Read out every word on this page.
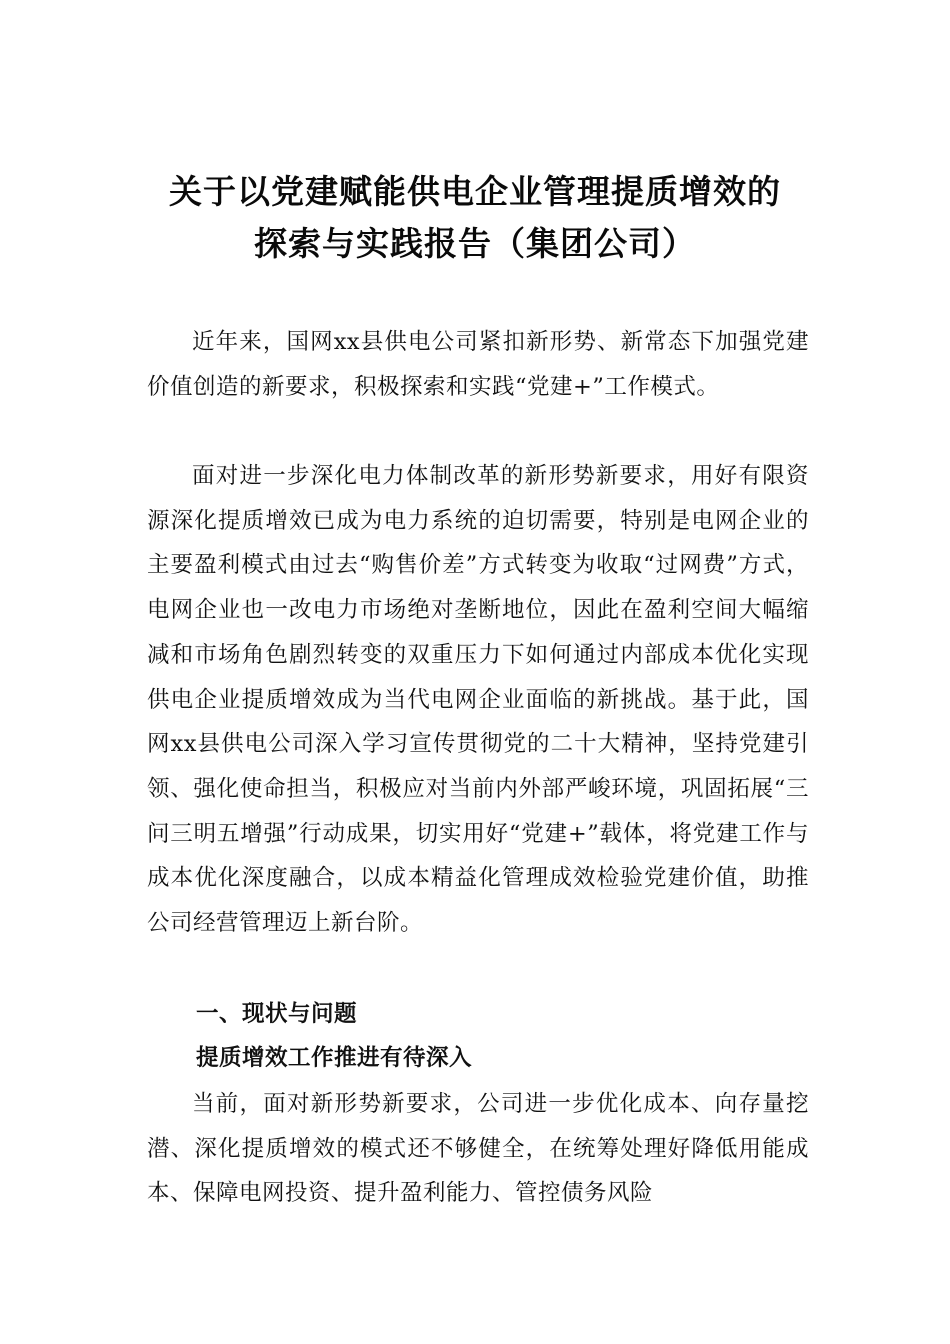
关于以党建赋能供电企业管理提质增效的
探索与实践报告（集团公司）

近年来，国网xx县供电公司紧扣新形势、新常态下加强党建价值创造的新要求，积极探索和实践“党建+”工作模式。

面对进一步深化电力体制改革的新形势新要求，用好有限资源深化提质增效已成为电力系统的迫切需要，特别是电网企业的主要盈利模式由过去“购售价差”方式转变为收取“过网费”方式，电网企业也一改电力市场绝对垄断地位，因此在盈利空间大幅缩减和市场角色剧烈转变的双重压力下如何通过内部成本优化实现供电企业提质增效成为当代电网企业面临的新挑战。基于此，国网xx县供电公司深入学习宣传贯彻党的二十大精神，坚持党建引领、强化使命担当，积极应对当前内外部严峻环境，巩固拓展“三问三明五增强”行动成果，切实用好“党建+”载体，将党建工作与成本优化深度融合，以成本精益化管理成效检验党建价值，助推公司经营管理迈上新台阶。

一、现状与问题
提质增效工作推进有待深入

当前，面对新形势新要求，公司进一步优化成本、向存量挖潜、深化提质增效的模式还不够健全，在统筹处理好降低用能成本、保障电网投资、提升盈利能力、管控债务风险
